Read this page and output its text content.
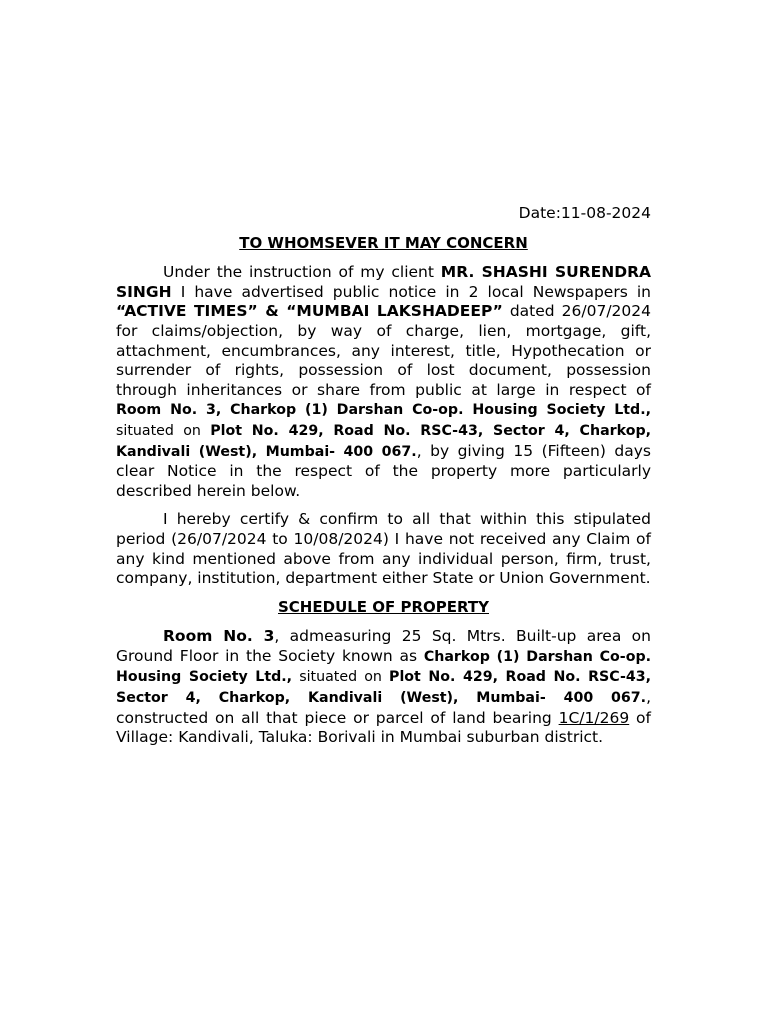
Date:11-08-2024
TO WHOMSEVER IT MAY CONCERN

Under the instruction of my client MR. SHASHI SURENDRA SINGH I have advertised public notice in 2 local Newspapers in “ACTIVE TIMES” & “MUMBAI LAKSHADEEP” dated 26/07/2024 for claims/objection, by way of charge, lien, mortgage, gift, attachment, encumbrances, any interest, title, Hypothecation or surrender of rights, possession of lost document, possession through inheritances or share from public at large in respect of Room No. 3, Charkop (1) Darshan Co-op. Housing Society Ltd., situated on Plot No. 429, Road No. RSC-43, Sector 4, Charkop, Kandivali (West), Mumbai- 400 067., by giving 15 (Fifteen) days clear Notice in the respect of the property more particularly described herein below.

I hereby certify & confirm to all that within this stipulated period (26/07/2024 to 10/08/2024) I have not received any Claim of any kind mentioned above from any individual person, firm, trust, company, institution, department either State or Union Government.

SCHEDULE OF PROPERTY

Room No. 3, admeasuring 25 Sq. Mtrs. Built-up area on Ground Floor in the Society known as Charkop (1) Darshan Co-op. Housing Society Ltd., situated on Plot No. 429, Road No. RSC-43, Sector 4, Charkop, Kandivali (West), Mumbai- 400 067., constructed on all that piece or parcel of land bearing 1C/1/269 of Village: Kandivali, Taluka: Borivali in Mumbai suburban district.
